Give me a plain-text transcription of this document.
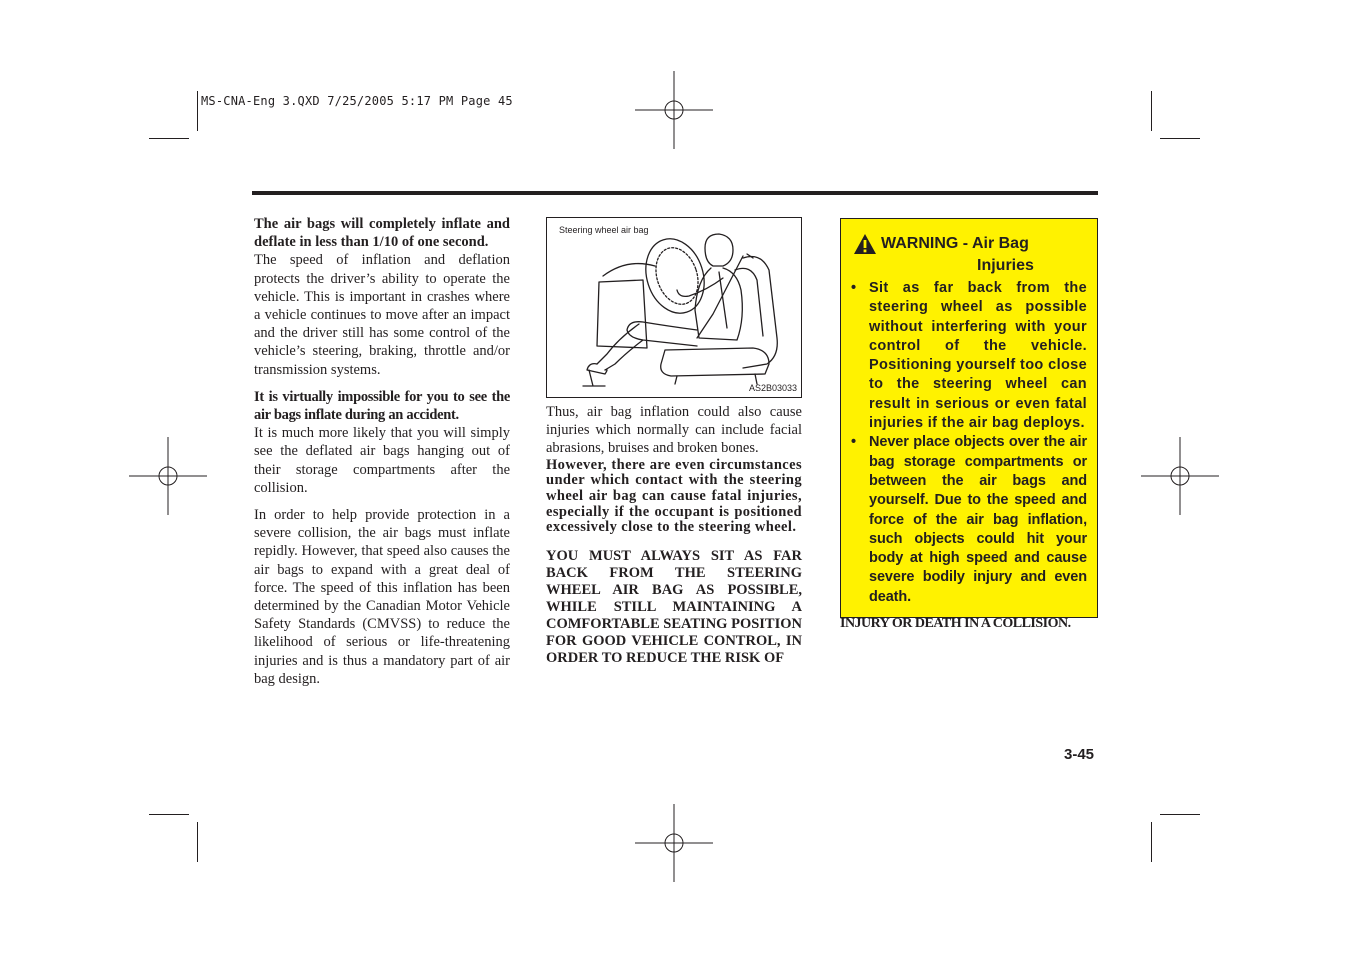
MS-CNA-Eng 3.QXD 7/25/2005 5:17 PM Page 45

The air bags will completely inflate and deflate in less than 1/10 of one second.

The speed of inflation and deflation protects the driver’s ability to operate the vehicle. This is important in crashes where a vehicle continues to move after an impact and the driver still has some control of the vehicle’s steering, braking, throttle and/or transmission systems.

It is virtually impossible for you to see the air bags inflate during an accident.

It is much more likely that you will simply see the deflated air bags hanging out of their storage compartments after the collision.

In order to help provide protection in a severe collision, the air bags must inflate repidly. However, that speed also causes the air bags to expand with a great deal of force. The speed of this inflation has been determined by the Canadian Motor Vehicle Safety Standards (CMVSS) to reduce the likelihood of serious or life-threatening injuries and is thus a mandatory part of air bag design.

Steering wheel air bag
AS2B03033

Thus, air bag inflation could also cause injuries which normally can include facial abrasions, bruises and broken bones.

However, there are even circumstances under which contact with the steering wheel air bag can cause fatal injuries, especially if the occupant is positioned excessively close to the steering wheel.

YOU MUST ALWAYS SIT AS FAR BACK FROM THE STEERING WHEEL AIR BAG AS POSSIBLE, WHILE STILL MAINTAINING A COMFORTABLE SEATING POSITION FOR GOOD VEHICLE CONTROL, IN ORDER TO REDUCE THE RISK OF

WARNING - Air Bag
Injuries
• Sit as far back from the steering wheel as possible without interfering with your control of the vehicle. Positioning yourself too close to the steering wheel can result in serious or even fatal injuries if the air bag deploys.
• Never place objects over the air bag storage compartments or between the air bags and yourself. Due to the speed and force of the air bag inflation, such objects could hit your body at high speed and cause severe bodily injury and even death.
INJURY OR DEATH IN A COLLISION.
3-45
